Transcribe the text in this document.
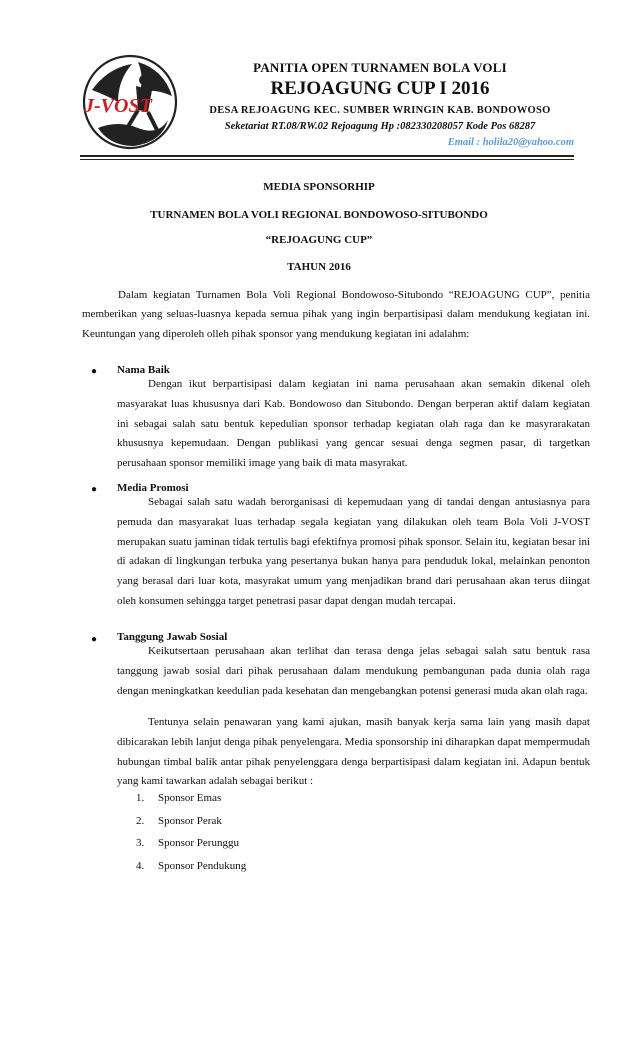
J-VOST
PANITIA OPEN TURNAMEN BOLA VOLI
REJOAGUNG CUP I 2016
DESA REJOAGUNG KEC. SUMBER WRINGIN KAB. BONDOWOSO
Seketariat RT.08/RW.02 Rejoagung Hp :082330208057 Kode Pos 68287
Email : holila20@yahoo.com
MEDIA SPONSORHIP
TURNAMEN BOLA VOLI REGIONAL BONDOWOSO-SITUBONDO
“REJOAGUNG CUP”
TAHUN 2016
Dalam kegiatan Turnamen Bola Voli Regional Bondowoso-Situbondo “REJOAGUNG CUP”, penitia memberikan yang seluas-luasnya kepada semua pihak yang ingin berpartisipasi dalam mendukung kegiatan ini. Keuntungan yang diperoleh olleh pihak sponsor yang mendukung kegiatan ini adalahm:
● Nama Baik
Dengan ikut berpartisipasi dalam kegiatan ini nama perusahaan akan semakin dikenal oleh masyarakat luas khususnya dari Kab. Bondowoso dan Situbondo. Dengan berperan aktif dalam kegiatan ini sebagai salah satu bentuk kepedulian sponsor terhadap kegiatan olah raga dan ke masyrarakatan khususnya kepemudaan. Dengan publikasi yang gencar sesuai denga segmen pasar, di targetkan perusahaan sponsor memiliki image yang baik di mata masyrakat.
● Media Promosi
Sebagai salah satu wadah berorganisasi di kepemudaan yang di tandai dengan antusiasnya para pemuda dan masyarakat luas terhadap segala kegiatan yang dilakukan oleh team Bola Voli J-VOST merupakan suatu jaminan tidak tertulis bagi efektifnya promosi pihak sponsor. Selain itu, kegiatan besar ini di adakan di lingkungan terbuka yang pesertanya bukan hanya para penduduk lokal, melainkan penonton yang berasal dari luar kota, masyrakat umum yang menjadikan brand dari perusahaan akan terus diingat oleh konsumen sehingga target penetrasi pasar dapat dengan mudah tercapai.
● Tanggung Jawab Sosial
Keikutsertaan perusahaan akan terlihat dan terasa denga jelas sebagai salah satu bentuk rasa tanggung jawab sosial dari pihak perusahaan dalam mendukung pembangunan pada dunia olah raga dengan meningkatkan keedulian pada kesehatan dan mengebangkan potensi generasi muda akan olah raga.
Tentunya selain penawaran yang kami ajukan, masih banyak kerja sama lain yang masih dapat dibicarakan lebih lanjut denga pihak penyelengara. Media sponsorship ini diharapkan dapat mempermudah hubungan timbal balik antar pihak penyelenggara denga berpartisipasi dalam kegiatan ini. Adapun bentuk yang kami tawarkan adalah sebagai berikut :
1. Sponsor Emas
2. Sponsor Perak
3. Sponsor Perunggu
4. Sponsor Pendukung
